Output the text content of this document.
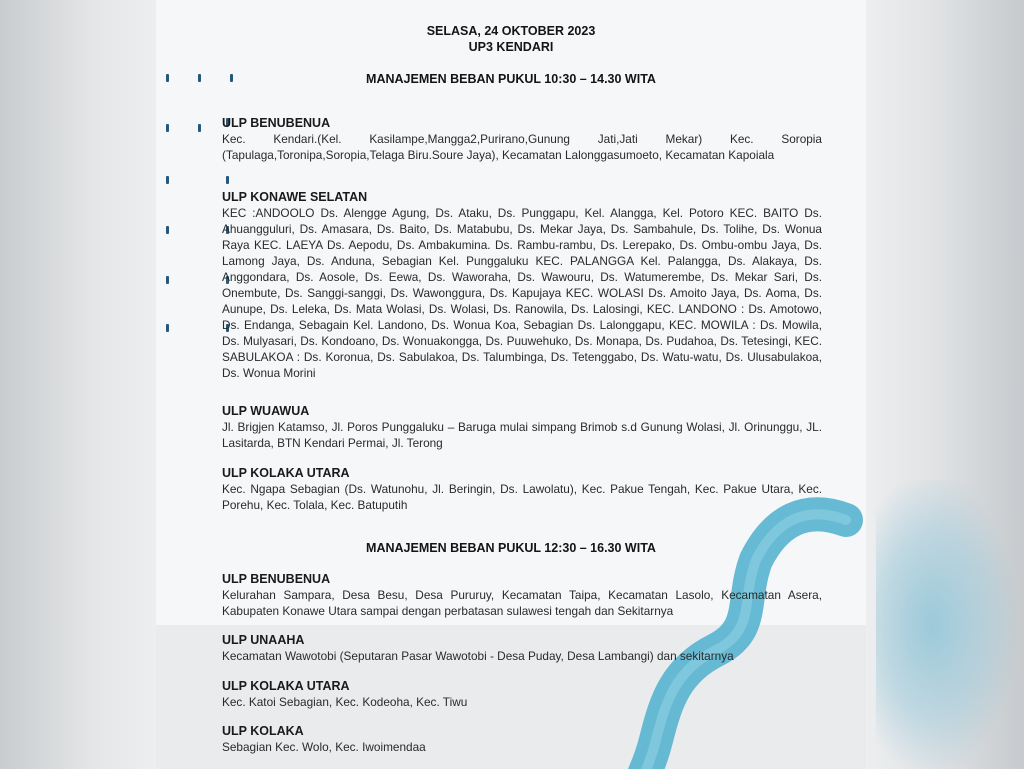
SELASA, 24 OKTOBER 2023
UP3 KENDARI
MANAJEMEN BEBAN PUKUL 10:30 – 14.30 WITA
ULP BENUBENUA

Kec. Kendari.(Kel. Kasilampe,Mangga2,Purirano,Gunung Jati,Jati Mekar) Kec. Soropia (Tapulaga,Toronipa,Soropia,Telaga Biru.Soure Jaya), Kecamatan Lalonggasumoeto, Kecamatan Kapoiala

ULP KONAWE SELATAN

KEC :ANDOOLO Ds. Alengge Agung, Ds. Ataku, Ds. Punggapu, Kel. Alangga, Kel. Potoro KEC. BAITO Ds. Ahuangguluri, Ds. Amasara, Ds. Baito, Ds. Matabubu, Ds. Mekar Jaya, Ds. Sambahule, Ds. Tolihe, Ds. Wonua Raya KEC. LAEYA Ds. Aepodu, Ds. Ambakumina. Ds. Rambu-rambu, Ds. Lerepako, Ds. Ombu-ombu Jaya, Ds. Lamong Jaya, Ds. Anduna, Sebagian Kel. Punggaluku KEC. PALANGGA Kel. Palangga, Ds. Alakaya, Ds. Anggondara, Ds. Aosole, Ds. Eewa, Ds. Waworaha, Ds. Wawouru, Ds. Watumerembe, Ds. Mekar Sari, Ds. Onembute, Ds. Sanggi-sanggi, Ds. Wawonggura, Ds. Kapujaya KEC. WOLASI Ds. Amoito Jaya, Ds. Aoma, Ds. Aunupe, Ds. Leleka, Ds. Mata Wolasi, Ds. Wolasi, Ds. Ranowila, Ds. Lalosingi, KEC. LANDONO : Ds. Amotowo, Ds. Endanga, Sebagain Kel. Landono, Ds. Wonua Koa, Sebagian Ds. Lalonggapu, KEC. MOWILA : Ds. Mowila, Ds. Mulyasari, Ds. Kondoano, Ds. Wonuakongga, Ds. Puuwehuko, Ds. Monapa, Ds. Pudahoa, Ds. Tetesingi, KEC. SABULAKOA : Ds. Koronua, Ds. Sabulakoa, Ds. Talumbinga, Ds. Tetenggabo, Ds. Watu-watu, Ds. Ulusabulakoa, Ds. Wonua Morini

ULP WUAWUA

Jl. Brigjen Katamso, Jl. Poros Punggaluku – Baruga mulai simpang Brimob s.d Gunung Wolasi, Jl. Orinunggu, JL. Lasitarda, BTN Kendari Permai, Jl. Terong

ULP KOLAKA UTARA

Kec. Ngapa Sebagian (Ds. Watunohu, Jl. Beringin, Ds. Lawolatu), Kec. Pakue Tengah, Kec. Pakue Utara, Kec. Porehu, Kec. Tolala, Kec. Batuputih

MANAJEMEN BEBAN PUKUL 12:30 – 16.30 WITA
ULP BENUBENUA

Kelurahan Sampara, Desa Besu, Desa Pururuy, Kecamatan Taipa, Kecamatan Lasolo, Kecamatan Asera, Kabupaten Konawe Utara sampai dengan perbatasan sulawesi tengah dan Sekitarnya

ULP UNAAHA

Kecamatan Wawotobi (Seputaran Pasar Wawotobi - Desa Puday, Desa Lambangi) dan sekitarnya

ULP KOLAKA UTARA

Kec. Katoi Sebagian, Kec. Kodeoha, Kec. Tiwu

ULP KOLAKA

Sebagian Kec. Wolo, Kec. Iwoimendaa
